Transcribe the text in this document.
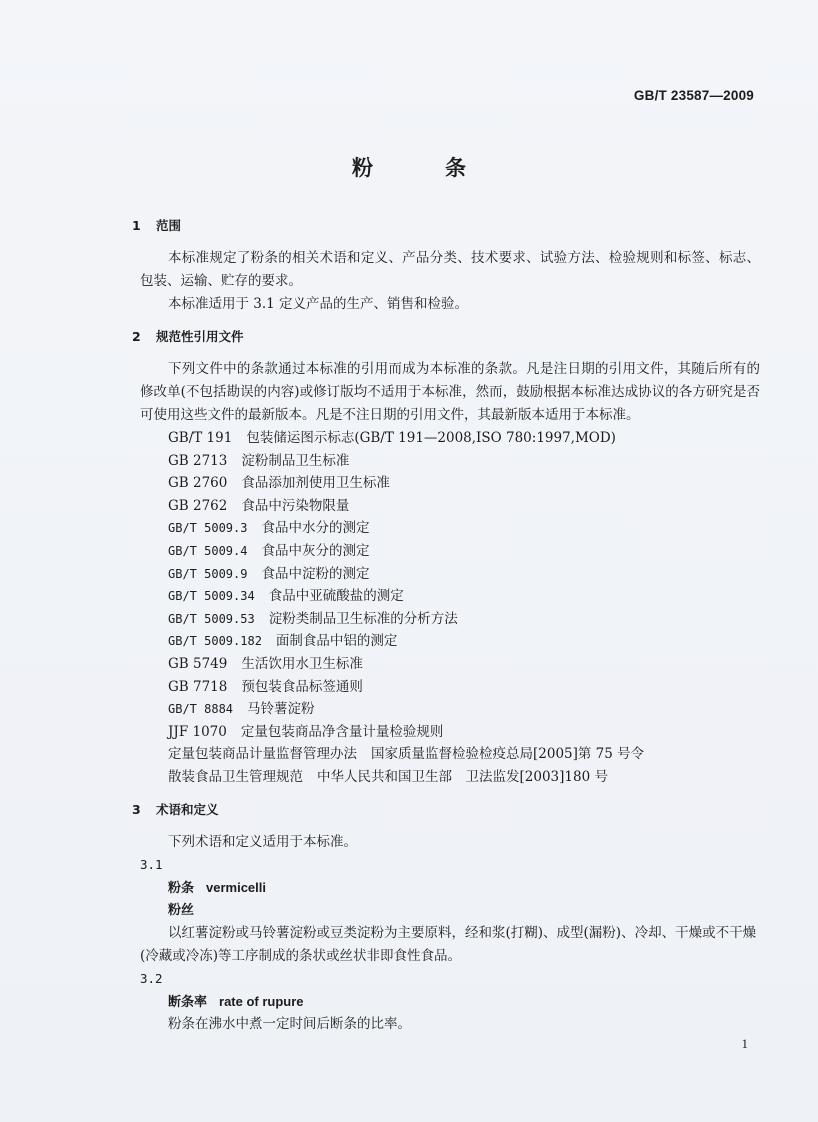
GB/T 23587—2009
粉条
1 范围

本标准规定了粉条的相关术语和定义、产品分类、技术要求、试验方法、检验规则和标签、标志、包装、运输、贮存的要求。

本标准适用于 3.1 定义产品的生产、销售和检验。

2 规范性引用文件

下列文件中的条款通过本标准的引用而成为本标准的条款。凡是注日期的引用文件，其随后所有的修改单(不包括勘误的内容)或修订版均不适用于本标准，然而，鼓励根据本标准达成协议的各方研究是否可使用这些文件的最新版本。凡是不注日期的引用文件，其最新版本适用于本标准。

GB/T 191 包装储运图示标志(GB/T 191—2008,ISO 780:1997,MOD)
GB 2713 淀粉制品卫生标准
GB 2760 食品添加剂使用卫生标准
GB 2762 食品中污染物限量
GB/T 5009.3 食品中水分的测定
GB/T 5009.4 食品中灰分的测定
GB/T 5009.9 食品中淀粉的测定
GB/T 5009.34 食品中亚硫酸盐的测定
GB/T 5009.53 淀粉类制品卫生标准的分析方法
GB/T 5009.182 面制食品中铝的测定
GB 5749 生活饮用水卫生标准
GB 7718 预包装食品标签通则
GB/T 8884 马铃薯淀粉
JJF 1070 定量包装商品净含量计量检验规则
定量包装商品计量监督管理办法 国家质量监督检验检疫总局[2005]第 75 号令
散装食品卫生管理规范 中华人民共和国卫生部　卫法监发[2003]180 号
3 术语和定义

下列术语和定义适用于本标准。

3.1
粉条 vermicelli
粉丝
以红薯淀粉或马铃薯淀粉或豆类淀粉为主要原料，经和浆(打糊)、成型(漏粉)、冷却、干燥或不干燥(冷藏或冷冻)等工序制成的条状或丝状非即食性食品。
3.2
断条率 rate of rupure
粉条在沸水中煮一定时间后断条的比率。
1
